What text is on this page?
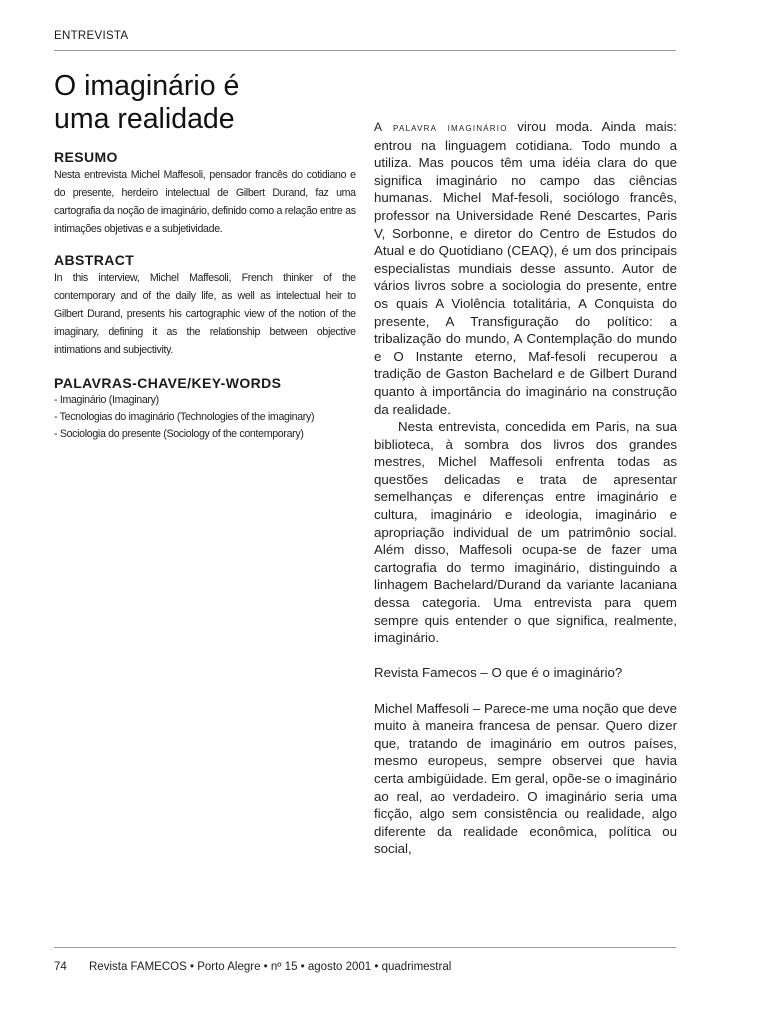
ENTREVISTA
O imaginário é
uma realidade
RESUMO

Nesta entrevista Michel Maffesoli, pensador francês do cotidiano e do presente, herdeiro intelectual de Gilbert Durand, faz uma cartografia da noção de imaginário, definido como a relação entre as intimações objetivas e a subjetividade.

ABSTRACT

In this interview, Michel Maffesoli, French thinker of the contemporary and of the daily life, as well as intelectual heir to Gilbert Durand, presents his cartographic view of the notion of the imaginary, defining it as the relationship between objective intimations and subjectivity.

PALAVRAS-CHAVE/KEY-WORDS
- Imaginário (Imaginary)
- Tecnologias do imaginário (Technologies of the imaginary)
- Sociologia do presente (Sociology of the contemporary)

A palavra imaginário virou moda. Ainda mais: entrou na linguagem cotidiana. Todo mundo a utiliza. Mas poucos têm uma idéia clara do que significa imaginário no campo das ciências humanas. Michel Maf-fesoli, sociólogo francês, professor na Universidade René Descartes, Paris V, Sorbonne, e diretor do Centro de Estudos do Atual e do Quotidiano (CEAQ), é um dos principais especialistas mundiais desse assunto. Autor de vários livros sobre a sociologia do presente, entre os quais A Violência totalitária, A Conquista do presente, A Transfiguração do político: a tribalização do mundo, A Contemplação do mundo e O Instante eterno, Maf-fesoli recuperou a tradição de Gaston Bachelard e de Gilbert Durand quanto à importância do imaginário na construção da realidade.

Nesta entrevista, concedida em Paris, na sua biblioteca, à sombra dos livros dos grandes mestres, Michel Maffesoli enfrenta todas as questões delicadas e trata de apresentar semelhanças e diferenças entre imaginário e cultura, imaginário e ideologia, imaginário e apropriação individual de um patrimônio social. Além disso, Maffesoli ocupa-se de fazer uma cartografia do termo imaginário, distinguindo a linhagem Bachelard/Durand da variante lacaniana dessa categoria. Uma entrevista para quem sempre quis entender o que significa, realmente, imaginário.

Revista Famecos – O que é o imaginário?

Michel Maffesoli – Parece-me uma noção que deve muito à maneira francesa de pensar. Quero dizer que, tratando de imaginário em outros países, mesmo europeus, sempre observei que havia certa ambigüidade. Em geral, opõe-se o imaginário ao real, ao verdadeiro. O imaginário seria uma ficção, algo sem consistência ou realidade, algo diferente da realidade econômica, política ou social,

74 Revista FAMECOS • Porto Alegre • nº 15 • agosto 2001 • quadrimestral
